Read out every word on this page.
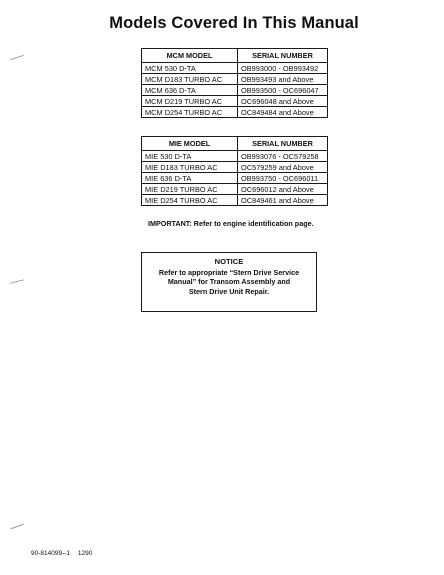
Models Covered In This Manual
MCM MODEL	SERIAL NUMBER
MCM 530 D-TA	OB993000 - OB993492
MCM D183 TURBO AC	OB993493 and Above
MCM 636 D-TA	OB993500 - OC696047
MCM D219 TURBO AC	OC696048 and Above
MCM D254 TURBO AC	OC849484 and Above
MIE MODEL	SERIAL NUMBER
MIE 530 D-TA	OB993076 - OC579258
MIE D183 TURBO AC	OC579259 and Above
MIE 636 D-TA	OB993750 - OC696011
MIE D219 TURBO AC	OC696012 and Above
MIE D254 TURBO AC	OC849461 and Above
IMPORTANT: Refer to engine identification page.
NOTICE
Refer to appropriate “Stern Drive Service
Manual” for Transom Assembly and
Stern Drive Unit Repair.
90-814099--1 1290
